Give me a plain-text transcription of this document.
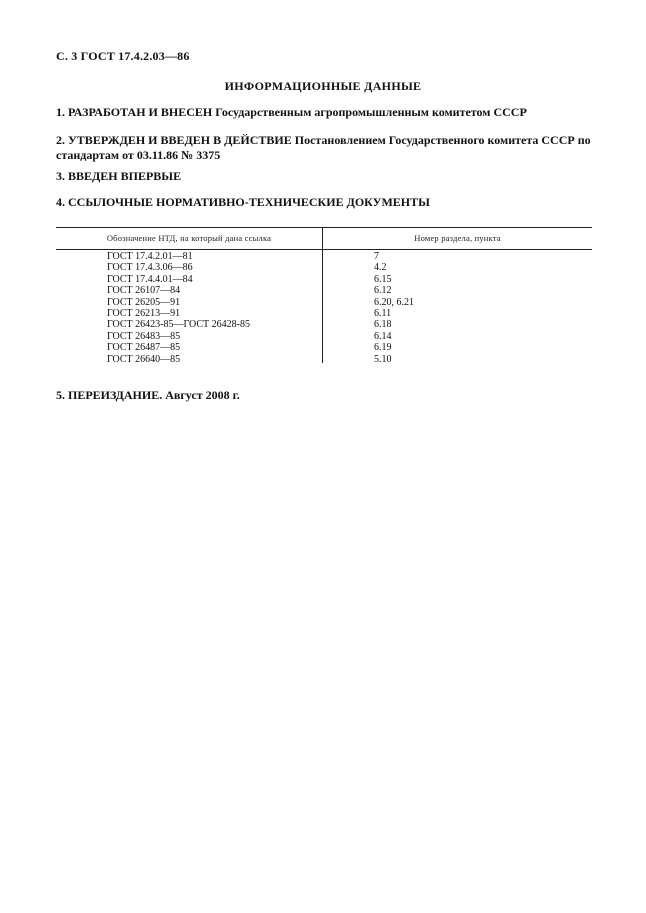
С. 3 ГОСТ 17.4.2.03—86
ИНФОРМАЦИОННЫЕ ДАННЫЕ
1. РАЗРАБОТАН И ВНЕСЕН Государственным агропромышленным комитетом СССР
2. УТВЕРЖДЕН И ВВЕДЕН В ДЕЙСТВИЕ Постановлением Государственного комитета СССР по
стандартам от 03.11.86 № 3375
3. ВВЕДЕН ВПЕРВЫЕ
4. ССЫЛОЧНЫЕ НОРМАТИВНО-ТЕХНИЧЕСКИЕ ДОКУМЕНТЫ
Обозначение НТД, на который дана ссылка	Номер раздела, пункта
ГОСТ 17.4.2.01—81	7
ГОСТ 17.4.3.06—86	4.2
ГОСТ 17.4.4.01—84	6.15
ГОСТ 26107—84	6.12
ГОСТ 26205—91	6.20, 6.21
ГОСТ 26213—91	6.11
ГОСТ 26423-85—ГОСТ 26428-85	6.18
ГОСТ 26483—85	6.14
ГОСТ 26487—85	6.19
ГОСТ 26640—85	5.10
5. ПЕРЕИЗДАНИЕ. Август 2008 г.
